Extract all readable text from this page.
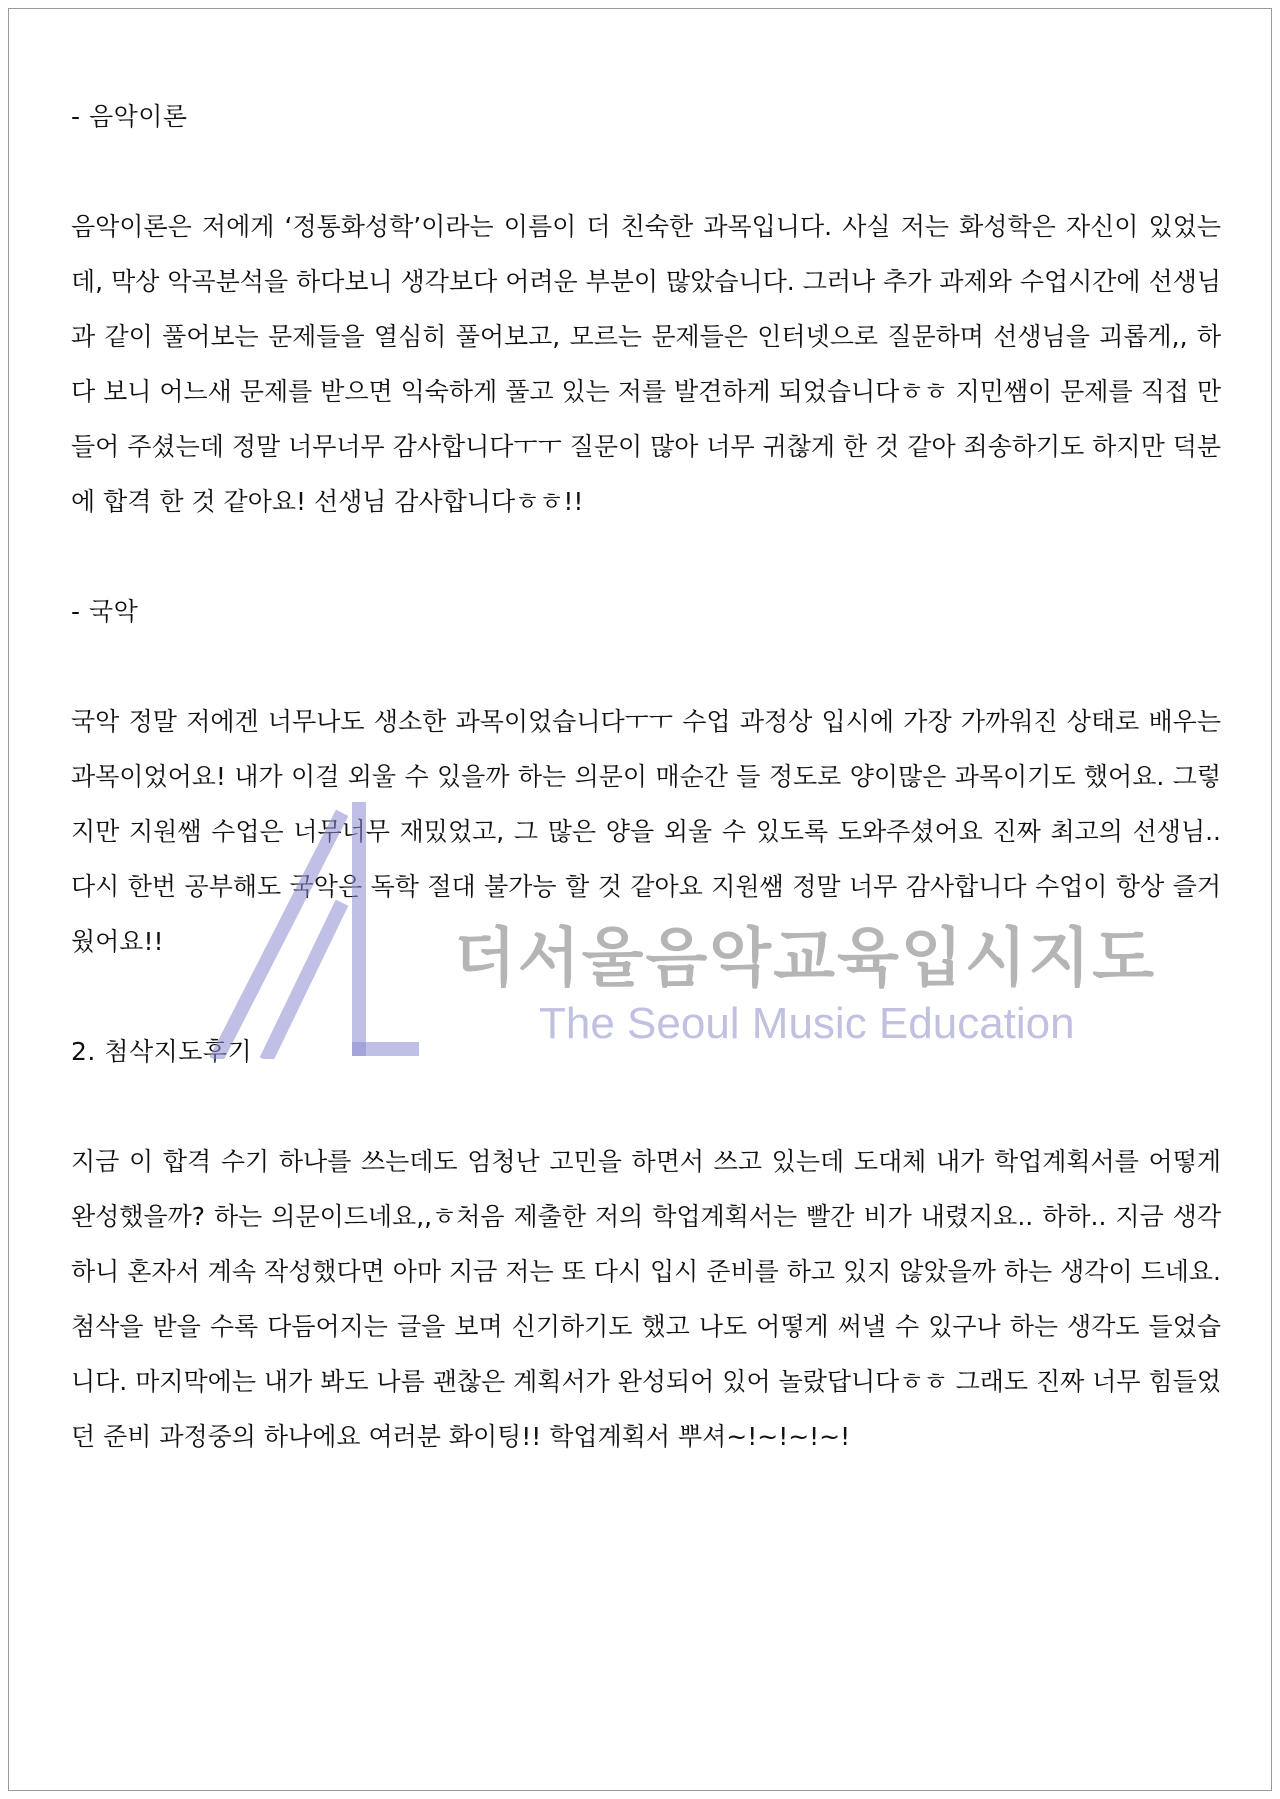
- 음악이론

음악이론은 저에게 ‘정통화성학’이라는 이름이 더 친숙한 과목입니다. 사실 저는 화성학은 자신이 있었는데, 막상 악곡분석을 하다보니 생각보다 어려운 부분이 많았습니다. 그러나 추가 과제와 수업시간에 선생님과 같이 풀어보는 문제들을 열심히 풀어보고, 모르는 문제들은 인터넷으로 질문하며 선생님을 괴롭게,, 하다 보니 어느새 문제를 받으면 익숙하게 풀고 있는 저를 발견하게 되었습니다ㅎㅎ 지민쌤이 문제를 직접 만들어 주셨는데 정말 너무너무 감사합니다ㅜㅜ 질문이 많아 너무 귀찮게 한 것 같아 죄송하기도 하지만 덕분에 합격 한 것 같아요! 선생님 감사합니다ㅎㅎ!!

- 국악

국악 정말 저에겐 너무나도 생소한 과목이었습니다ㅜㅜ 수업 과정상 입시에 가장 가까워진 상태로 배우는 과목이었어요! 내가 이걸 외울 수 있을까 하는 의문이 매순간 들 정도로 양이많은 과목이기도 했어요. 그렇지만 지원쌤 수업은 너무너무 재밌었고, 그 많은 양을 외울 수 있도록 도와주셨어요 진짜 최고의 선생님.. 다시 한번 공부해도 국악은 독학 절대 불가능 할 것 같아요 지원쌤 정말 너무 감사합니다 수업이 항상 즐거웠어요!!

2. 첨삭지도후기

지금 이 합격 수기 하나를 쓰는데도 엄청난 고민을 하면서 쓰고 있는데 도대체 내가 학업계획서를 어떻게 완성했을까? 하는 의문이드네요,,ㅎ처음 제출한 저의 학업계획서는 빨간 비가 내렸지요.. 하하.. 지금 생각하니 혼자서 계속 작성했다면 아마 지금 저는 또 다시 입시 준비를 하고 있지 않았을까 하는 생각이 드네요. 첨삭을 받을 수록 다듬어지는 글을 보며 신기하기도 했고 나도 어떻게 써낼 수 있구나 하는 생각도 들었습니다. 마지막에는 내가 봐도 나름 괜찮은 계획서가 완성되어 있어 놀랐답니다ㅎㅎ 그래도 진짜 너무 힘들었던 준비 과정중의 하나에요 여러분 화이팅!! 학업계획서 뿌셔~!~!~!~!

더서울음악교육입시지도
The Seoul Music Education
